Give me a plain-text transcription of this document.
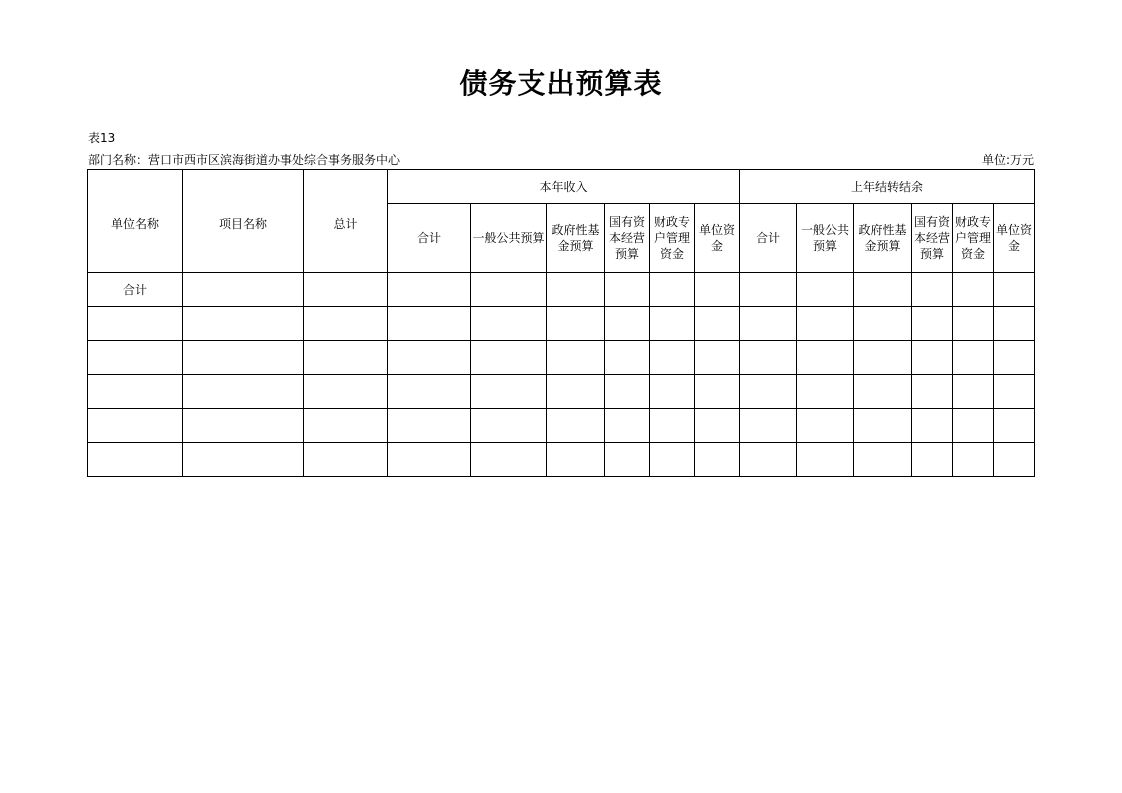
债务支出预算表
表13
部门名称：营口市西市区滨海街道办事处综合事务服务中心	单位:万元
单位名称	项目名称	总计	本年收入						上年结转结余					
			合计	一般公共预算	政府性基金预算	国有资本经营预算	财政专户管理资金	单位资金	合计	一般公共预算	政府性基金预算	国有资本经营预算	财政专户管理资金	单位资金
合计														
